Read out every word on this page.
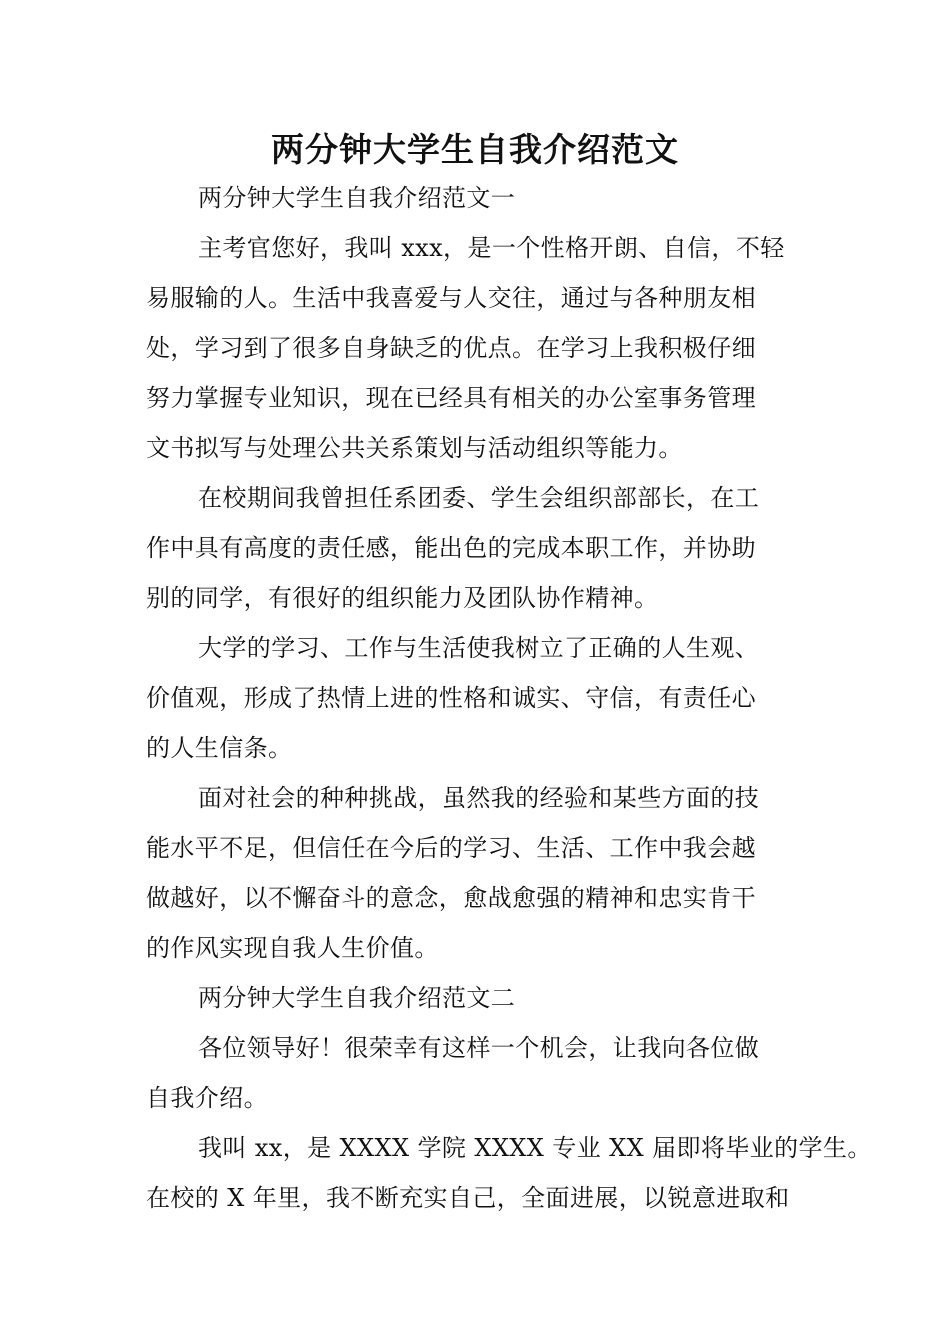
两分钟大学生自我介绍范文
两分钟大学生自我介绍范文一
主考官您好，我叫 xxx，是一个性格开朗、自信，不轻
易服输的人。生活中我喜爱与人交往，通过与各种朋友相
处，学习到了很多自身缺乏的优点。在学习上我积极仔细
努力掌握专业知识，现在已经具有相关的办公室事务管理
文书拟写与处理公共关系策划与活动组织等能力。
在校期间我曾担任系团委、学生会组织部部长，在工
作中具有高度的责任感，能出色的完成本职工作，并协助
别的同学，有很好的组织能力及团队协作精神。
大学的学习、工作与生活使我树立了正确的人生观、
价值观，形成了热情上进的性格和诚实、守信，有责任心
的人生信条。
面对社会的种种挑战，虽然我的经验和某些方面的技
能水平不足，但信任在今后的学习、生活、工作中我会越
做越好，以不懈奋斗的意念，愈战愈强的精神和忠实肯干
的作风实现自我人生价值。
两分钟大学生自我介绍范文二
各位领导好！很荣幸有这样一个机会，让我向各位做
自我介绍。
我叫 xx，是 XXXX 学院 XXXX 专业 XX 届即将毕业的学生。
在校的 X 年里，我不断充实自己，全面进展，以锐意进取和
